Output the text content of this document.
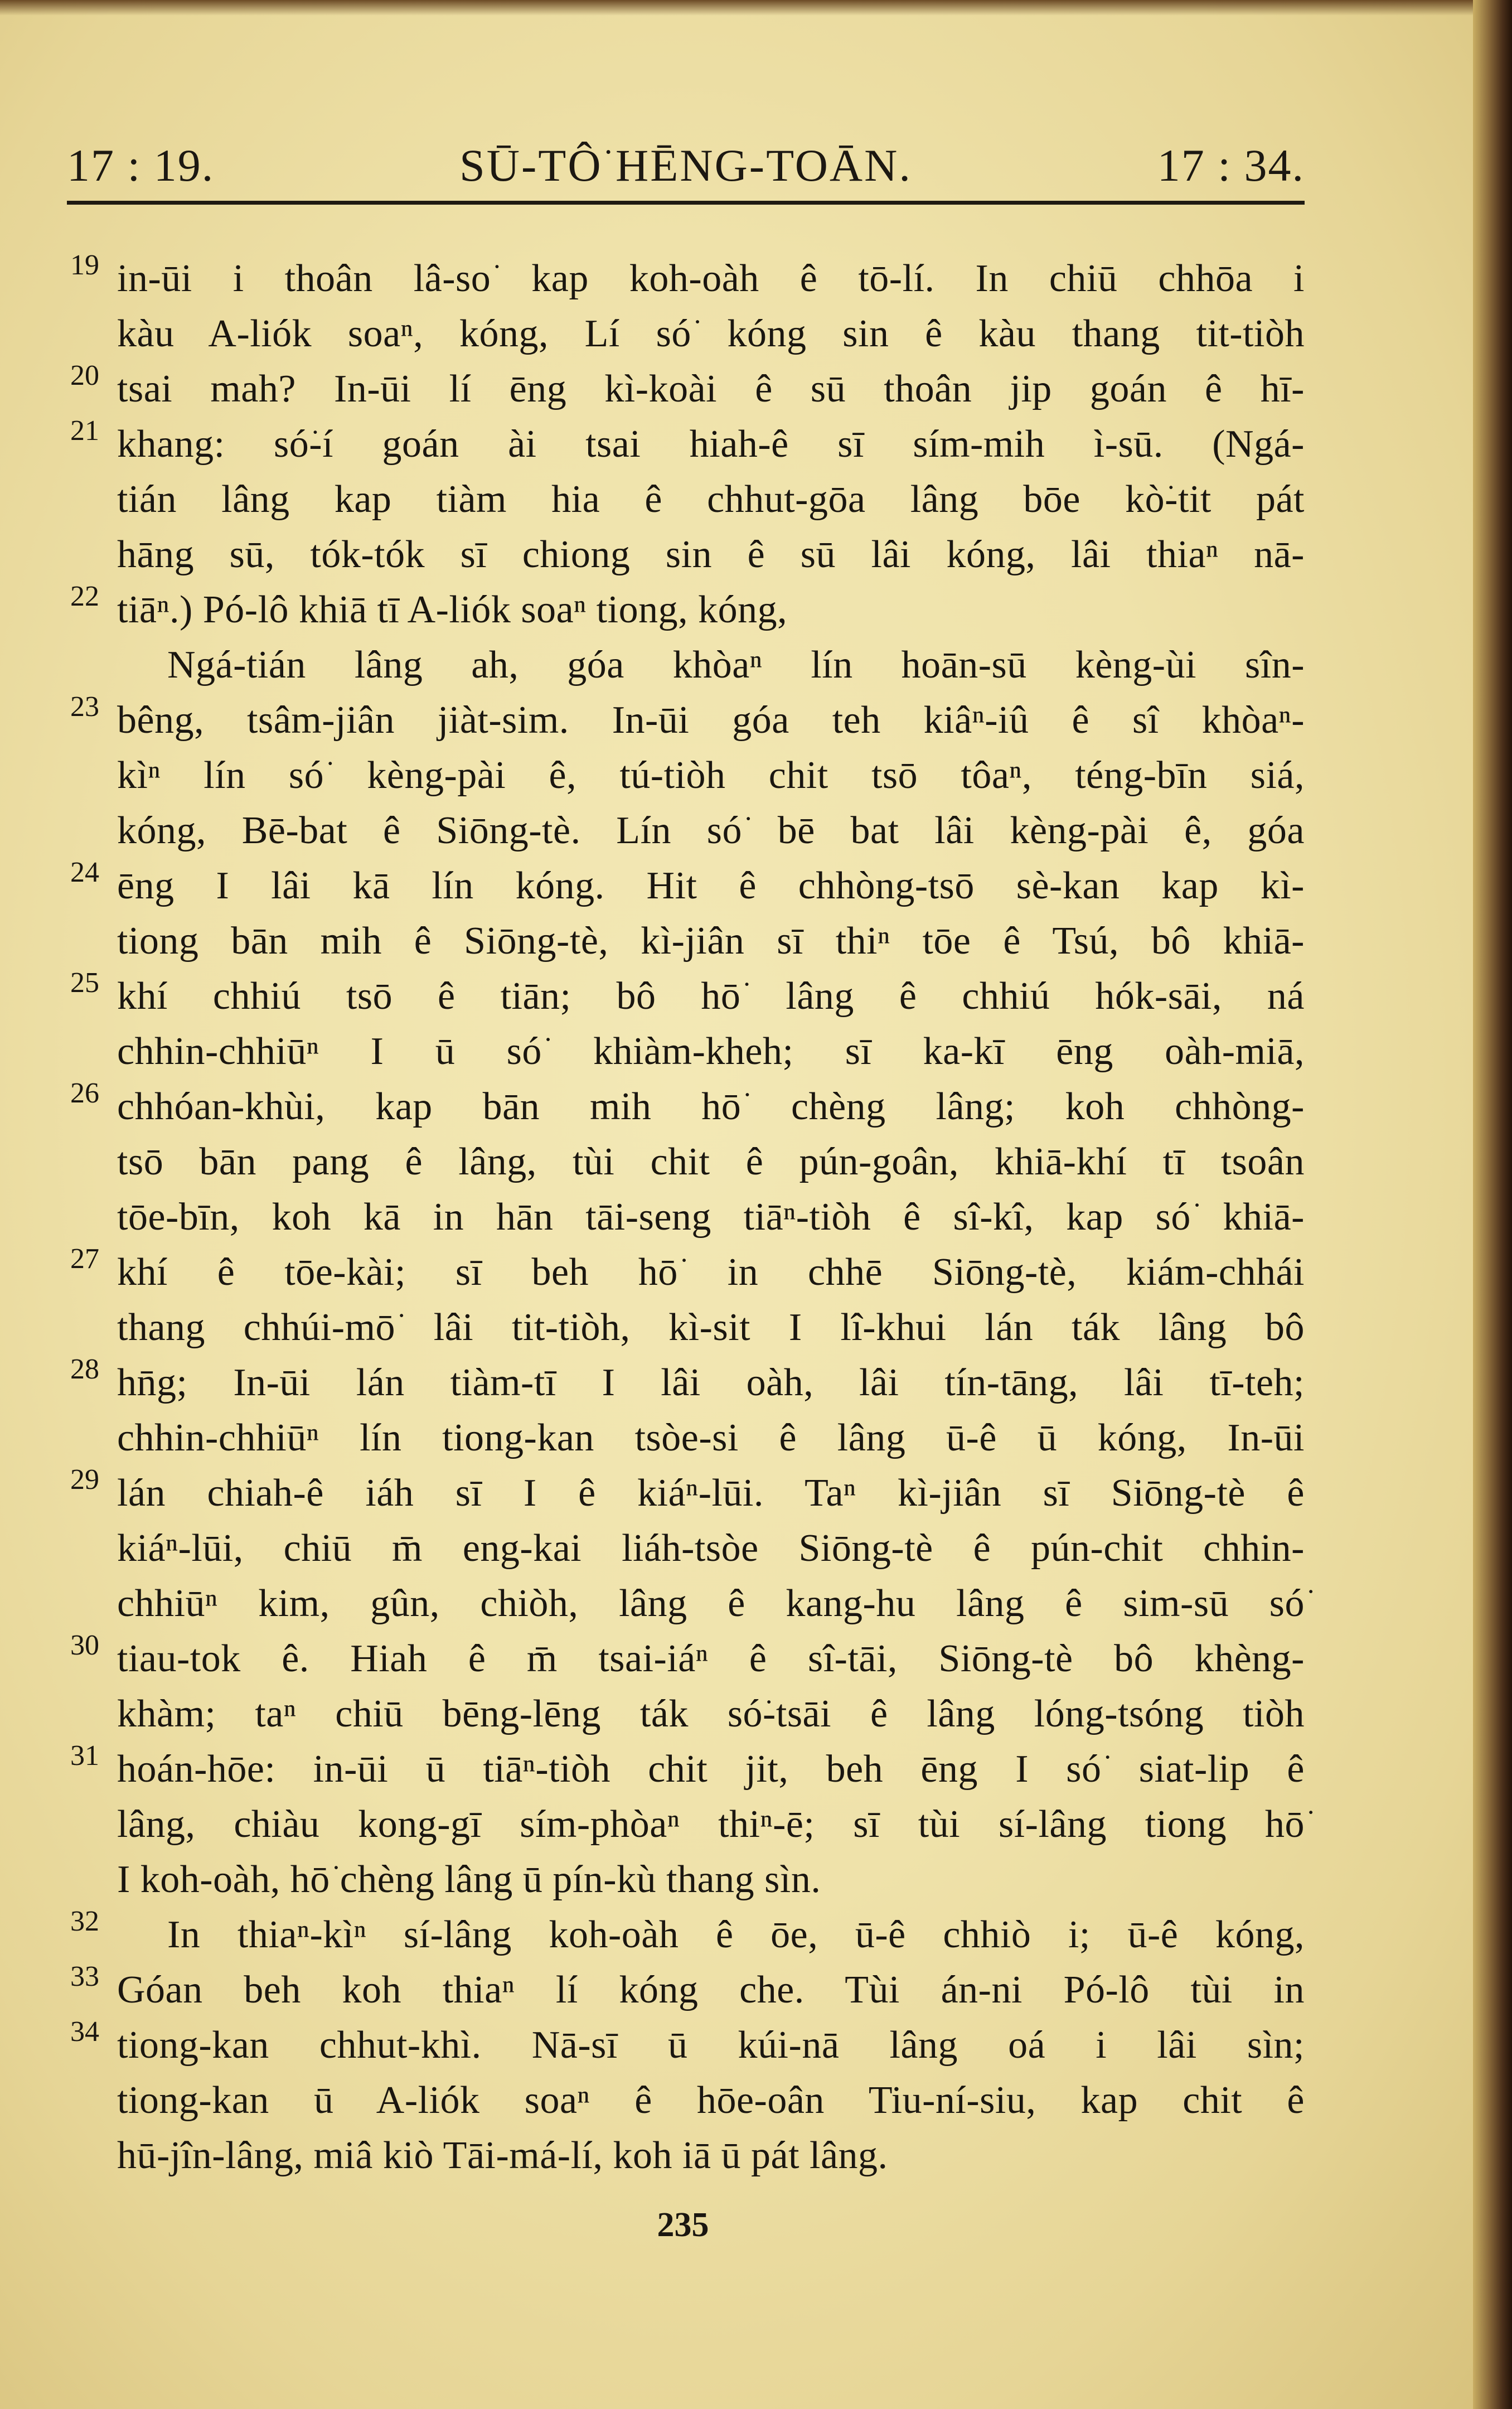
SŪ-TÔ͘ HĒNG-TOĀN.
17 : 19.	17 : 34.
19 in-ūi i thoân lâ-so͘ kap koh-oàh ê tō-lí. In chiū chhōa i
kàu A-liók soaⁿ, kóng, Lí só͘ kóng sin ê kàu thang tit-tiòh
20 tsai mah? In-ūi lí ēng kì-koài ê sū thoân jip goán ê hī-
21 khang: só͘-í goán ài tsai hiah-ê sī sím-mih ì-sū. (Ngá-
tián lâng kap tiàm hia ê chhut-gōa lâng bōe kò͘-tit pát
hāng sū, tók-tók sī chiong sin ê sū lâi kóng, lâi thiaⁿ nā-
22 tiāⁿ.) Pó-lô khiā tī A-liók soaⁿ tiong, kóng,
Ngá-tián lâng ah, góa khòaⁿ lín hoān-sū kèng-ùi sîn-
23 bêng, tsâm-jiân jiàt-sim. In-ūi góa teh kiâⁿ-iû ê sî khòaⁿ-
kìⁿ lín só͘ kèng-pài ê, tú-tiòh chit tsō tôaⁿ, téng-bīn siá,
kóng, Bē-bat ê Siōng-tè. Lín só͘ bē bat lâi kèng-pài ê, góa
24 ēng I lâi kā lín kóng. Hit ê chhòng-tsō sè-kan kap kì-
tiong bān mih ê Siōng-tè, kì-jiân sī thiⁿ tōe ê Tsú, bô khiā-
25 khí chhiú tsō ê tiān; bô hō͘ lâng ê chhiú hók-sāi, ná
chhin-chhiūⁿ I ū só͘ khiàm-kheh; sī ka-kī ēng oàh-miā,
26 chhóan-khùi, kap bān mih hō͘ chèng lâng; koh chhòng-
tsō bān pang ê lâng, tùi chit ê pún-goân, khiā-khí tī tsoân
tōe-bīn, koh kā in hān tāi-seng tiāⁿ-tiòh ê sî-kî, kap só͘ khiā-
27 khí ê tōe-kài; sī beh hō͘ in chhē Siōng-tè, kiám-chhái
thang chhúi-mō͘ lâi tit-tiòh, kì-sit I lî-khui lán ták lâng bô
28 hn̄g; In-ūi lán tiàm-tī I lâi oàh, lâi tín-tāng, lâi tī-teh;
chhin-chhiūⁿ lín tiong-kan tsòe-si ê lâng ū-ê ū kóng, In-ūi
29 lán chiah-ê iáh sī I ê kiáⁿ-lūi. Taⁿ kì-jiân sī Siōng-tè ê
kiáⁿ-lūi, chiū m̄ eng-kai liáh-tsòe Siōng-tè ê pún-chit chhin-
chhiūⁿ kim, gûn, chiòh, lâng ê kang-hu lâng ê sim-sū só͘
30 tiau-tok ê. Hiah ê m̄ tsai-iáⁿ ê sî-tāi, Siōng-tè bô khèng-
khàm; taⁿ chiū bēng-lēng ták só͘-tsāi ê lâng lóng-tsóng tiòh
31 hoán-hōe: in-ūi ū tiāⁿ-tiòh chit jit, beh ēng I só͘ siat-lip ê
lâng, chiàu kong-gī sím-phòaⁿ thiⁿ-ē; sī tùi sí-lâng tiong hō͘
I koh-oàh, hō͘ chèng lâng ū pín-kù thang sìn.
32	In thiaⁿ-kìⁿ sí-lâng koh-oàh ê ōe, ū-ê chhiò i; ū-ê kóng,
33 Góan beh koh thiaⁿ lí kóng che. Tùi án-ni Pó-lô tùi in
34 tiong-kan chhut-khì. Nā-sī ū kúi-nā lâng oá i lâi sìn;
tiong-kan ū A-liók soaⁿ ê hōe-oân Tiu-ní-siu, kap chit ê
hū-jîn-lâng, miâ kiò Tāi-má-lí, koh iā ū pát lâng.
235
